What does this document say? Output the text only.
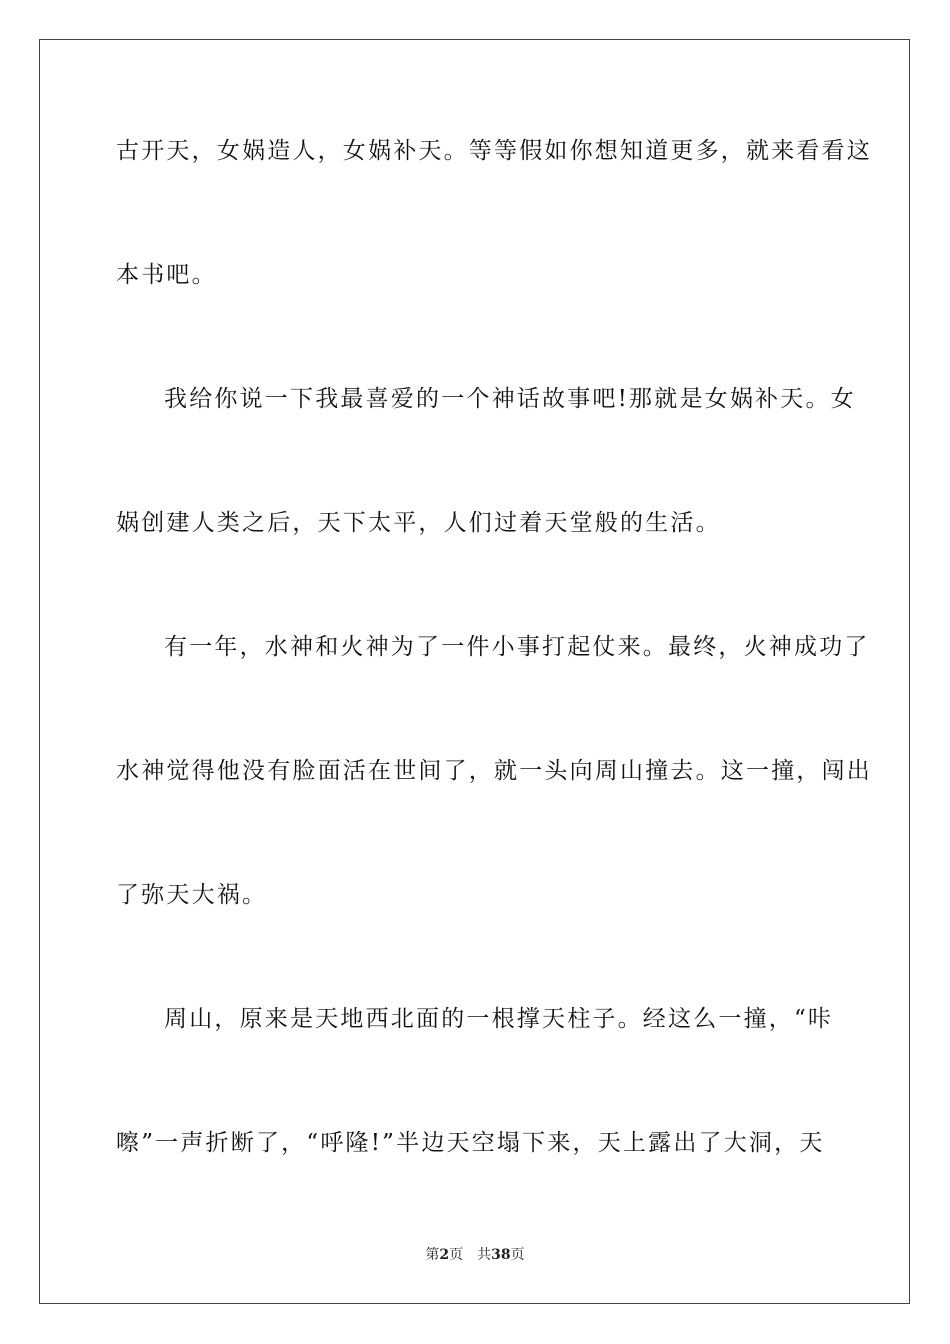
古开天，女娲造人，女娲补天。等等假如你想知道更多，就来看看这
本书吧。
我给你说一下我最喜爱的一个神话故事吧!那就是女娲补天。女
娲创建人类之后，天下太平，人们过着天堂般的生活。
有一年，水神和火神为了一件小事打起仗来。最终，火神成功了
水神觉得他没有脸面活在世间了，就一头向周山撞去。这一撞，闯出
了弥天大祸。
周山，原来是天地西北面的一根撑天柱子。经这么一撞，“咔
嚓”一声折断了，“呼隆!”半边天空塌下来，天上露出了大洞，天
第2页 共38页
